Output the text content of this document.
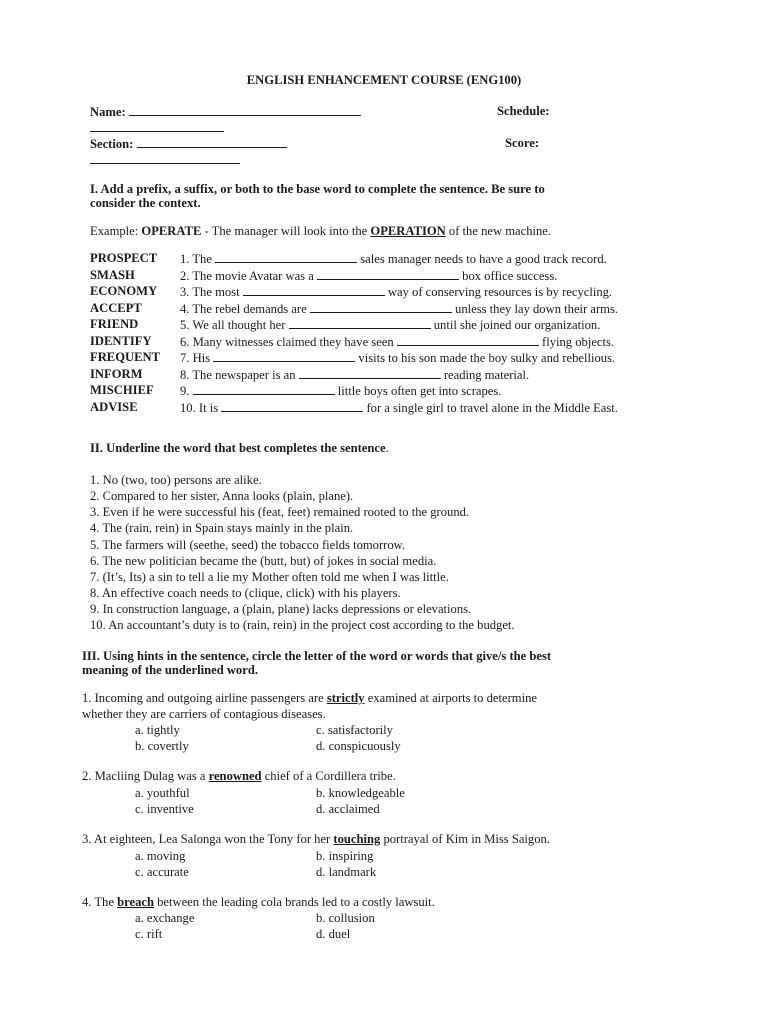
ENGLISH ENHANCEMENT COURSE (ENG100)
Name:	Schedule:
Section:	Score:
I. Add a prefix, a suffix, or both to the base word to complete the sentence. Be sure to
consider the context.
Example: OPERATE - The manager will look into the OPERATION of the new machine.
PROSPECT 1. The	sales manager needs to have a good track record.
SMASH	2. The movie Avatar was a	box office success.
ECONOMY 3. The most	way of conserving resources is by recycling.
ACCEPT	4. The rebel demands are	unless they lay down their arms.
FRIEND	5. We all thought her	until she joined our organization.
IDENTIFY 6. Many witnesses claimed they have seen	flying objects.
FREQUENT 7. His	visits to his son made the boy sulky and rebellious.
INFORM	8. The newspaper is an	reading material.
MISCHIEF 9.	little boys often get into scrapes.
ADVISE	10. It is	for a single girl to travel alone in the Middle East.
II. Underline the word that best completes the sentence.
1. No (two, too) persons are alike.
2. Compared to her sister, Anna looks (plain, plane).
3. Even if he were successful his (feat, feet) remained rooted to the ground.
4. The (rain, rein) in Spain stays mainly in the plain.
5. The farmers will (seethe, seed) the tobacco fields tomorrow.
6. The new politician became the (butt, but) of jokes in social media.
7. (It’s, Its) a sin to tell a lie my Mother often told me when I was little.
8. An effective coach needs to (clique, click) with his players.
9. In construction language, a (plain, plane) lacks depressions or elevations.
10. An accountant’s duty is to (rain, rein) in the project cost according to the budget.
III. Using hints in the sentence, circle the letter of the word or words that give/s the best
meaning of the underlined word.
1. Incoming and outgoing airline passengers are strictly examined at airports to determine
whether they are carriers of contagious diseases.
a. tightly	c. satisfactorily
b. covertly	d. conspicuously
2. Macliing Dulag was a renowned chief of a Cordillera tribe.
a. youthful	b. knowledgeable
c. inventive	d. acclaimed
3. At eighteen, Lea Salonga won the Tony for her touching portrayal of Kim in Miss Saigon.
a. moving	b. inspiring
c. accurate	d. landmark
4. The breach between the leading cola brands led to a costly lawsuit.
a. exchange	b. collusion
c. rift	d. duel
